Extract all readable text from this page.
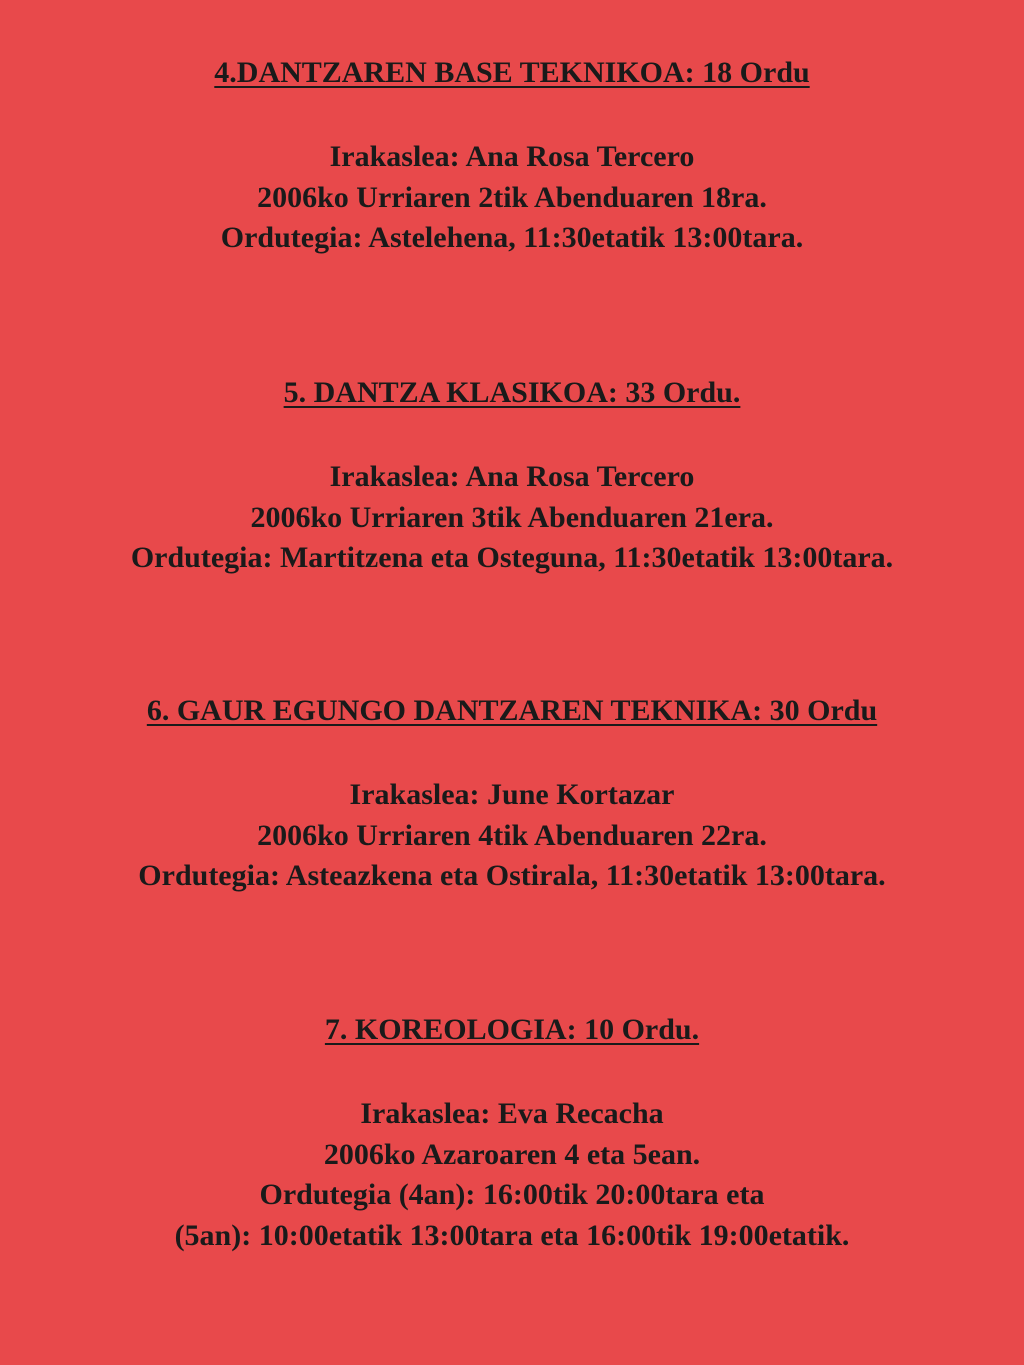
4.DANTZAREN BASE TEKNIKOA: 18 Ordu

Irakaslea: Ana Rosa Tercero

2006ko Urriaren 2tik Abenduaren 18ra.

Ordutegia: Astelehena, 11:30etatik 13:00tara.

5. DANTZA KLASIKOA: 33 Ordu.

Irakaslea: Ana Rosa Tercero

2006ko Urriaren 3tik Abenduaren 21era.

Ordutegia: Martitzena eta Osteguna, 11:30etatik 13:00tara.

6. GAUR EGUNGO DANTZAREN TEKNIKA: 30 Ordu

Irakaslea: June Kortazar

2006ko Urriaren 4tik Abenduaren 22ra.

Ordutegia: Asteazkena eta Ostirala, 11:30etatik 13:00tara.

7. KOREOLOGIA: 10 Ordu.

Irakaslea: Eva Recacha

2006ko Azaroaren 4 eta 5ean.

Ordutegia (4an): 16:00tik 20:00tara eta

(5an): 10:00etatik 13:00tara eta 16:00tik 19:00etatik.
